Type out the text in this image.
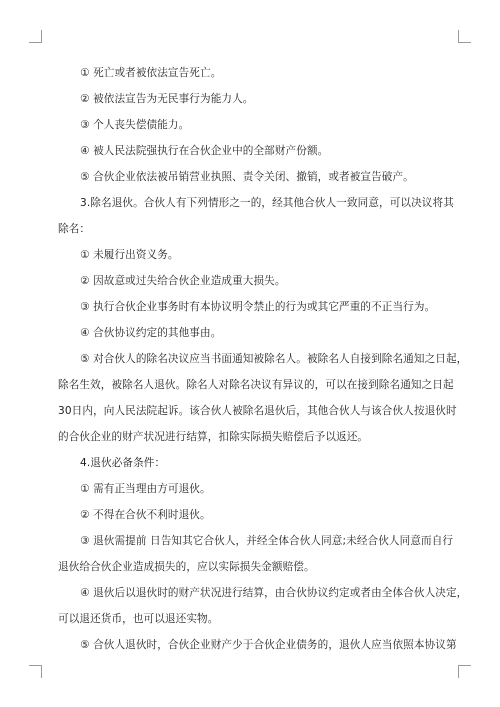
① 死亡或者被依法宣告死亡。
② 被依法宣告为无民事行为能力人。
③ 个人丧失偿债能力。
④ 被人民法院强执行在合伙企业中的全部财产份额。
⑤ 合伙企业依法被吊销营业执照、责令关闭、撤销，或者被宣告破产。
3.除名退伙。合伙人有下列情形之一的，经其他合伙人一致同意，可以决议将其
除名：
① 未履行出资义务。
② 因故意或过失给合伙企业造成重大损失。
③ 执行合伙企业事务时有本协议明令禁止的行为或其它严重的不正当行为。
④ 合伙协议约定的其他事由。
⑤ 对合伙人的除名决议应当书面通知被除名人。被除名人自接到除名通知之日起，
除名生效，被除名人退伙。除名人对除名决议有异议的，可以在接到除名通知之日起
30日内，向人民法院起诉。该合伙人被除名退伙后，其他合伙人与该合伙人按退伙时
的合伙企业的财产状况进行结算，扣除实际损失赔偿后予以返还。
4.退伙必备条件：
① 需有正当理由方可退伙。
② 不得在合伙不利时退伙。
③ 退伙需提前 日告知其它合伙人，并经全体合伙人同意;未经合伙人同意而自行
退伙给合伙企业造成损失的，应以实际损失金额赔偿。
④ 退伙后以退伙时的财产状况进行结算，由合伙协议约定或者由全体合伙人决定，
可以退还货币，也可以退还实物。
⑤ 合伙人退伙时，合伙企业财产少于合伙企业债务的，退伙人应当依照本协议第
